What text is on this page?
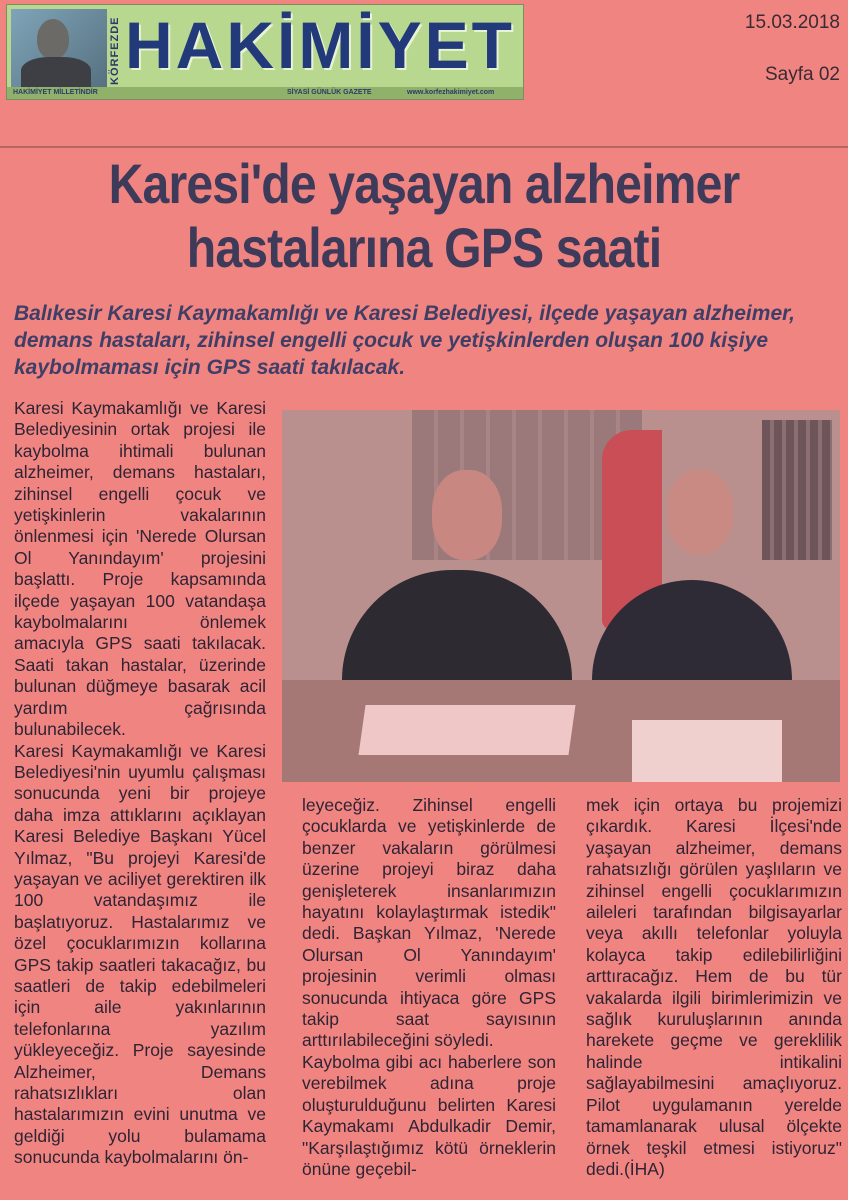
KÖRFEZDE HAKİMİYET
HAKİMİYET MİLLETİNDİR	SİYASİ GÜNLÜK GAZETE	www.korfezhakimiyet.com
15.03.2018
Sayfa 02
Karesi'de yaşayan alzheimer hastalarına GPS saati
Balıkesir Karesi Kaymakamlığı ve Karesi Belediyesi, ilçede yaşayan alzheimer, demans hastaları, zihinsel engelli çocuk ve yetişkinlerden oluşan 100 kişiye kaybolmaması için GPS saati takılacak.
Karesi Kaymakamlığı ve Karesi Belediyesinin ortak projesi ile kaybolma ihtimali bulunan alzheimer, demans hastaları, zihinsel engelli çocuk ve yetişkinlerin vakalarının önlenmesi için 'Nerede Olursan Ol Yanındayım' projesini başlattı. Proje kapsamında ilçede yaşayan 100 vatandaşa kaybolmalarını önlemek amacıyla GPS saati takılacak. Saati takan hastalar, üzerinde bulunan düğmeye basarak acil yardım çağrısında bulunabilecek.
Karesi Kaymakamlığı ve Karesi Belediyesi'nin uyumlu çalışması sonucunda yeni bir projeye daha imza attıklarını açıklayan Karesi Belediye Başkanı Yücel Yılmaz, "Bu projeyi Karesi'de yaşayan ve aciliyet gerektiren ilk 100 vatandaşımız ile başlatıyoruz. Hastalarımız ve özel çocuklarımızın kollarına GPS takip saatleri takacağız, bu saatleri de takip edebilmeleri için aile yakınlarının telefonlarına yazılım yükleyeceğiz. Proje sayesinde Alzheimer, Demans rahatsızlıkları olan hastalarımızın evini unutma ve geldiği yolu bulamama sonucunda kaybolmalarını ön-
leyeceğiz. Zihinsel engelli çocuklarda ve yetişkinlerde de benzer vakaların görülmesi üzerine projeyi biraz daha genişleterek insanlarımızın hayatını kolaylaştırmak istedik" dedi. Başkan Yılmaz, 'Nerede Olursan Ol Yanındayım' projesinin verimli olması sonucunda ihtiyaca göre GPS takip saat sayısının arttırılabileceğini söyledi.
Kaybolma gibi acı haberlere son verebilmek adına proje oluşturulduğunu belirten Karesi Kaymakamı Abdulkadir Demir, "Karşılaştığımız kötü örneklerin önüne geçebil-
mek için ortaya bu projemizi çıkardık. Karesi İlçesi'nde yaşayan alzheimer, demans rahatsızlığı görülen yaşlıların ve zihinsel engelli çocuklarımızın aileleri tarafından bilgisayarlar veya akıllı telefonlar yoluyla kolayca takip edilebilirliğini arttıracağız. Hem de bu tür vakalarda ilgili birimlerimizin ve sağlık kuruluşlarının anında harekete geçme ve gereklilik halinde intikalini sağlayabilmesini amaçlıyoruz. Pilot uygulamanın yerelde tamamlanarak ulusal ölçekte örnek teşkil etmesi istiyoruz" dedi.(İHA)
